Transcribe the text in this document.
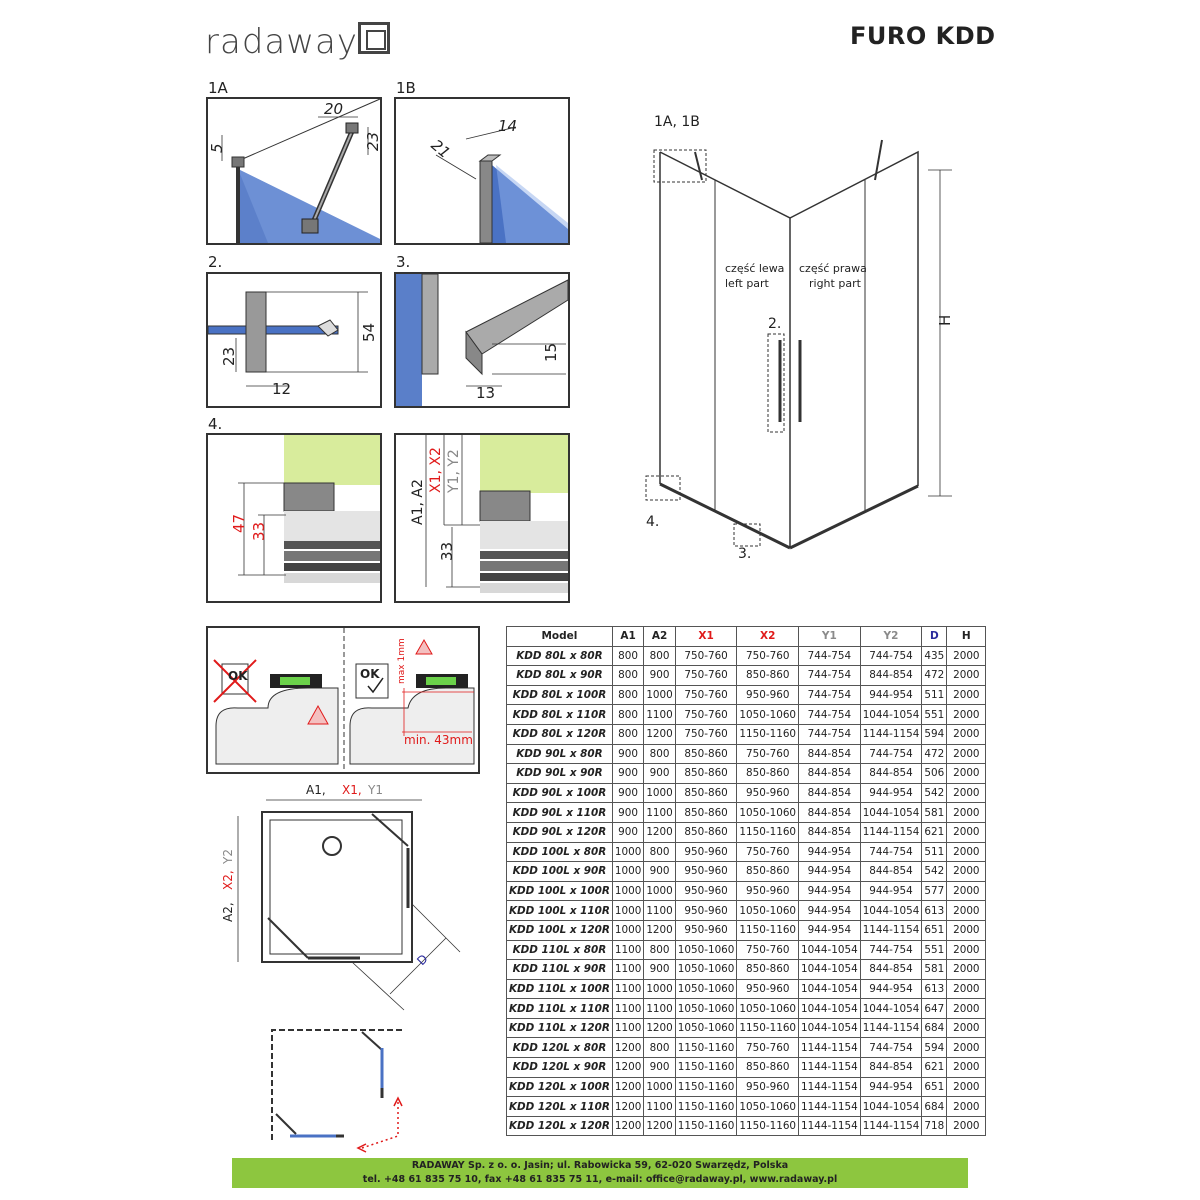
radaway	FURO KDD
1A	1B
2.	3.
4.
20
5	23
14
21
23
12
54
15
13
47 33
A1, A2
X1, X2 Y1, Y2
33
1A, 1B
2.
3.
4.
część lewa
left part
część prawa
right part
H
OK	OK max 1mm
min. 43mm
A1, X1, Y1
A2,
X2,
Y2
D
Model	A1	A2	X1	X2	Y1	Y2	D	H
KDD 80L x 80R	800	800	750-760	750-760	744-754	744-754	435	2000
KDD 80L x 90R	800	900	750-760	850-860	744-754	844-854	472	2000
KDD 80L x 100R	800	1000	750-760	950-960	744-754	944-954	511	2000
KDD 80L x 110R	800	1100	750-760	1050-1060	744-754	1044-1054	551	2000
KDD 80L x 120R	800	1200	750-760	1150-1160	744-754	1144-1154	594	2000
KDD 90L x 80R	900	800	850-860	750-760	844-854	744-754	472	2000
KDD 90L x 90R	900	900	850-860	850-860	844-854	844-854	506	2000
KDD 90L x 100R	900	1000	850-860	950-960	844-854	944-954	542	2000
KDD 90L x 110R	900	1100	850-860	1050-1060	844-854	1044-1054	581	2000
KDD 90L x 120R	900	1200	850-860	1150-1160	844-854	1144-1154	621	2000
KDD 100L x 80R	1000	800	950-960	750-760	944-954	744-754	511	2000
KDD 100L x 90R	1000	900	950-960	850-860	944-954	844-854	542	2000
KDD 100L x 100R	1000	1000	950-960	950-960	944-954	944-954	577	2000
KDD 100L x 110R	1000	1100	950-960	1050-1060	944-954	1044-1054	613	2000
KDD 100L x 120R	1000	1200	950-960	1150-1160	944-954	1144-1154	651	2000
KDD 110L x 80R	1100	800	1050-1060	750-760	1044-1054	744-754	551	2000
KDD 110L x 90R	1100	900	1050-1060	850-860	1044-1054	844-854	581	2000
KDD 110L x 100R	1100	1000	1050-1060	950-960	1044-1054	944-954	613	2000
KDD 110L x 110R	1100	1100	1050-1060	1050-1060	1044-1054	1044-1054	647	2000
KDD 110L x 120R	1100	1200	1050-1060	1150-1160	1044-1054	1144-1154	684	2000
KDD 120L x 80R	1200	800	1150-1160	750-760	1144-1154	744-754	594	2000
KDD 120L x 90R	1200	900	1150-1160	850-860	1144-1154	844-854	621	2000
KDD 120L x 100R	1200	1000	1150-1160	950-960	1144-1154	944-954	651	2000
KDD 120L x 110R	1200	1100	1150-1160	1050-1060	1144-1154	1044-1054	684	2000
KDD 120L x 120R	1200	1200	1150-1160	1150-1160	1144-1154	1144-1154	718	2000
RADAWAY Sp. z o. o. Jasin; ul. Rabowicka 59, 62-020 Swarzędz, Polska
tel. +48 61 835 75 10, fax +48 61 835 75 11, e-mail: office@radaway.pl, www.radaway.pl
